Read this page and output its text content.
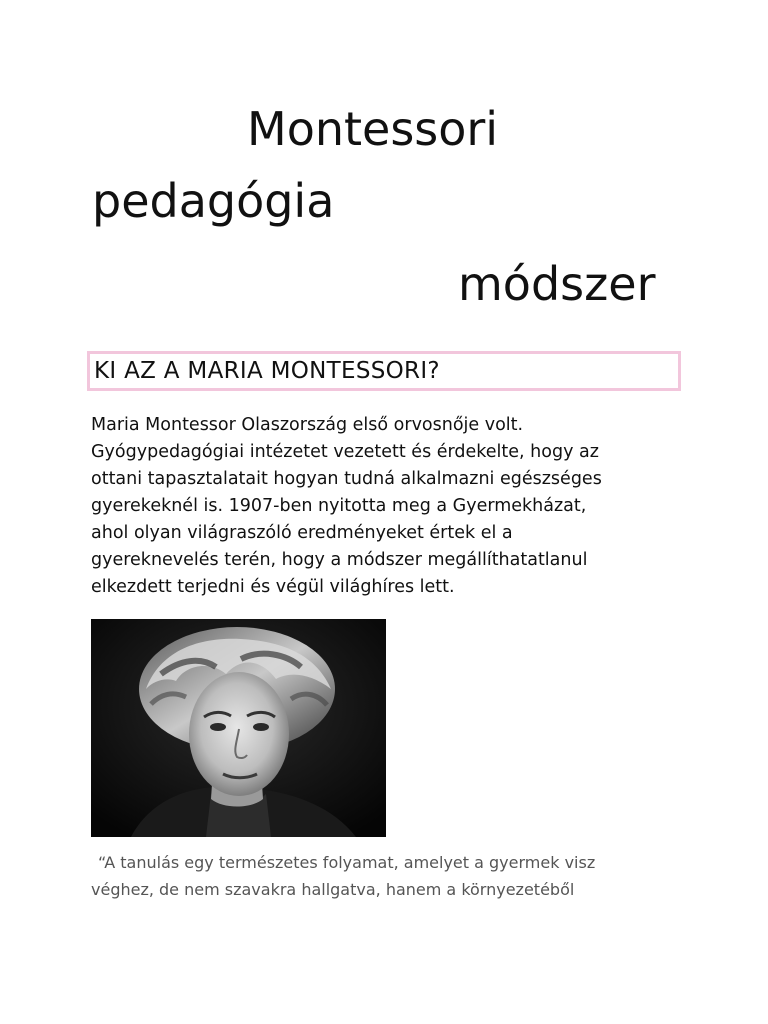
Montessori
pedagógia
módszer
KI AZ A MARIA MONTESSORI?
Maria Montessor Olaszország első orvosnője volt.
Gyógypedagógiai intézetet vezetett és érdekelte, hogy az
ottani tapasztalatait hogyan tudná alkalmazni egészséges
gyerekeknél is. 1907-ben nyitotta meg a Gyermekházat,
ahol olyan világraszóló eredményeket értek el a
gyereknevelés terén, hogy a módszer megállíthatatlanul
elkezdett terjedni és végül világhíres lett.
“A tanulás egy természetes folyamat, amelyet a gyermek visz
véghez, de nem szavakra hallgatva, hanem a környezetéből
